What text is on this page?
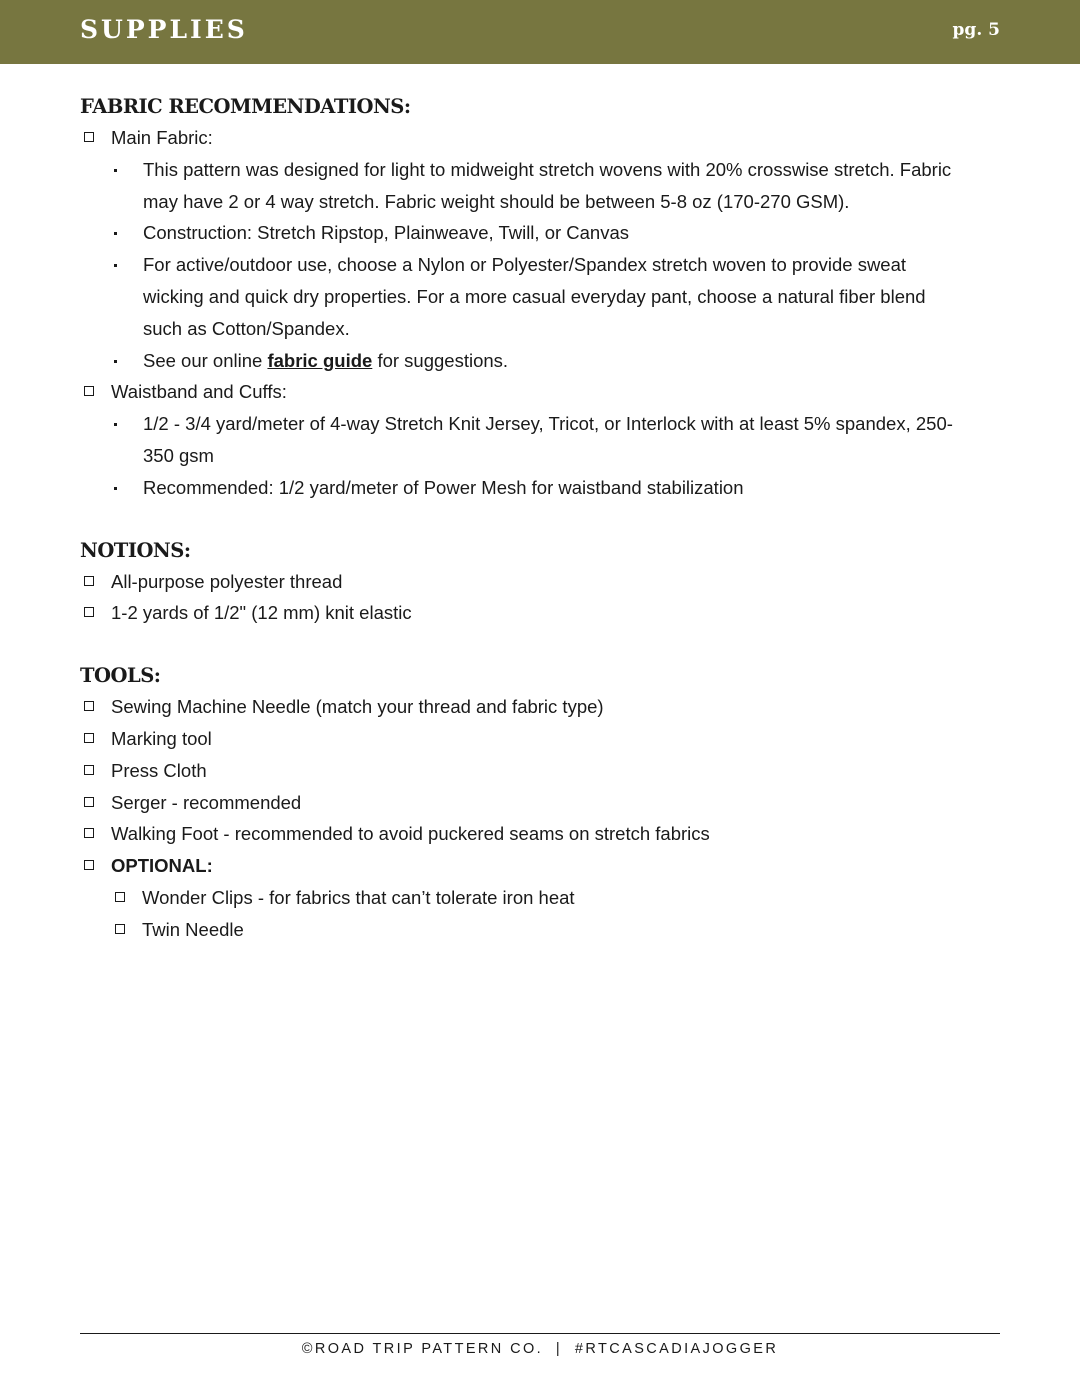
SUPPLIES	pg. 5
FABRIC RECOMMENDATIONS:
Main Fabric:
This pattern was designed for light to midweight stretch wovens with 20% crosswise stretch. Fabric may have 2 or 4 way stretch. Fabric weight should be between 5-8 oz (170-270 GSM).
Construction: Stretch Ripstop, Plainweave, Twill, or Canvas
For active/outdoor use, choose a Nylon or Polyester/Spandex stretch woven to provide sweat wicking and quick dry properties. For a more casual everyday pant, choose a natural fiber blend such as Cotton/Spandex.
See our online fabric guide for suggestions.
Waistband and Cuffs:
1/2 - 3/4 yard/meter of 4-way Stretch Knit Jersey, Tricot, or Interlock with at least 5% spandex, 250-350 gsm
Recommended: 1/2 yard/meter of Power Mesh for waistband stabilization
NOTIONS:
All-purpose polyester thread
1-2 yards of 1/2" (12 mm) knit elastic
TOOLS:
Sewing Machine Needle (match your thread and fabric type)
Marking tool
Press Cloth
Serger - recommended
Walking Foot - recommended to avoid puckered seams on stretch fabrics
OPTIONAL:
Wonder Clips - for fabrics that can’t tolerate iron heat
Twin Needle
©ROAD TRIP PATTERN CO.  |  #RTCASCADIAJOGGER
